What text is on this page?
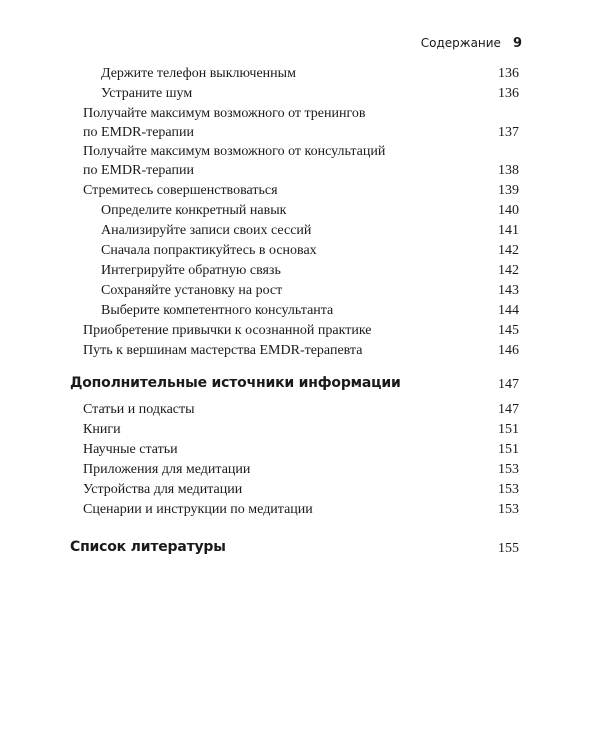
Содержание 9
Держите телефон выключенным	136
Устраните шум	136
Получайте максимум возможного от тренингов
по EMDR-терапии	137
Получайте максимум возможного от консультаций
по EMDR-терапии	138
Стремитесь совершенствоваться	139
Определите конкретный навык	140
Анализируйте записи своих сессий	141
Сначала попрактикуйтесь в основах	142
Интегрируйте обратную связь	142
Сохраняйте установку на рост	143
Выберите компетентного консультанта	144
Приобретение привычки к осознанной практике	145
Путь к вершинам мастерства EMDR-терапевта	146
Дополнительные источники информации	147
Статьи и подкасты	147
Книги	151
Научные статьи	151
Приложения для медитации	153
Устройства для медитации	153
Сценарии и инструкции по медитации	153
Список литературы	155
